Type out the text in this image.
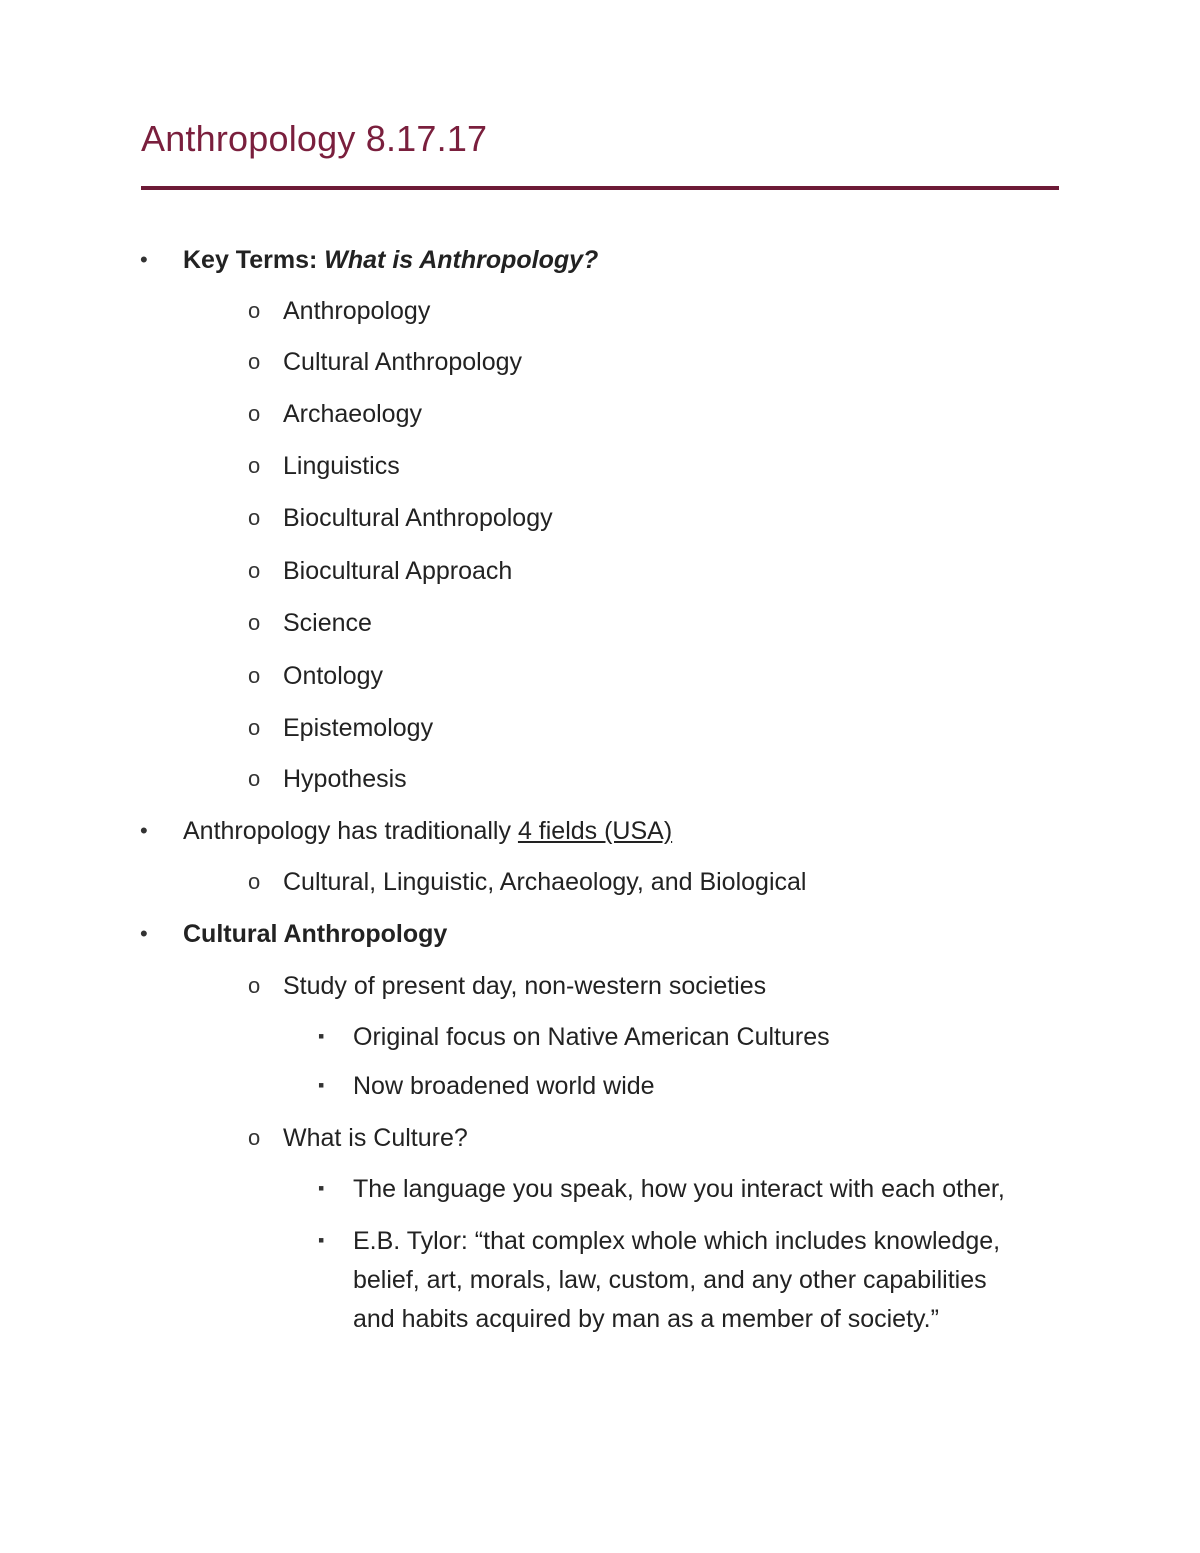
Anthropology 8.17.17
• Key Terms: What is Anthropology?
o Anthropology
o Cultural Anthropology
o Archaeology
o Linguistics
o Biocultural Anthropology
o Biocultural Approach
o Science
o Ontology
o Epistemology
o Hypothesis
• Anthropology has traditionally 4 fields (USA)
o Cultural, Linguistic, Archaeology, and Biological
• Cultural Anthropology
o Study of present day, non-western societies
▪ Original focus on Native American Cultures
▪ Now broadened world wide
o What is Culture?
▪ The language you speak, how you interact with each other,
▪ E.B. Tylor: “that complex whole which includes knowledge,
belief, art, morals, law, custom, and any other capabilities
and habits acquired by man as a member of society.”
